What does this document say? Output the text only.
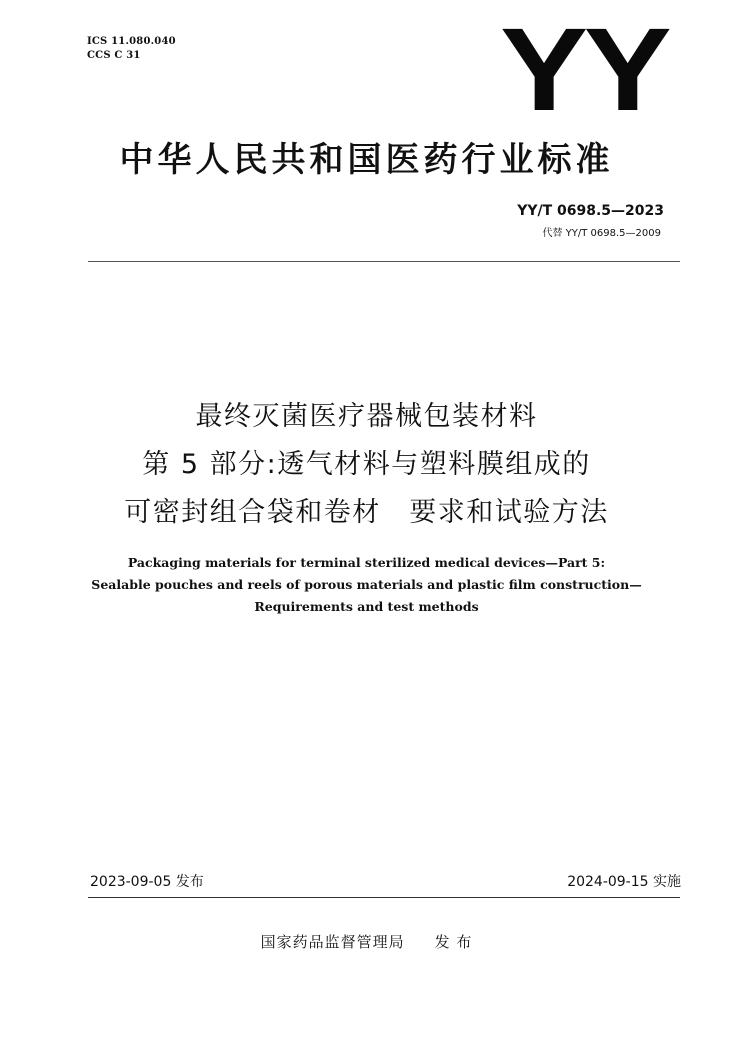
ICS 11.080.040
CCS C 31	YY
中华人民共和国医药行业标准
YY/T 0698.5—2023
代替 YY/T 0698.5—2009
最终灭菌医疗器械包装材料
第 5 部分:透气材料与塑料膜组成的
可密封组合袋和卷材　要求和试验方法
Packaging materials for terminal sterilized medical devices—Part 5:
Sealable pouches and reels of porous materials and plastic film construction—
Requirements and test methods
2023-09-05 发布	2024-09-15 实施
国家药品监督管理局 发 布
